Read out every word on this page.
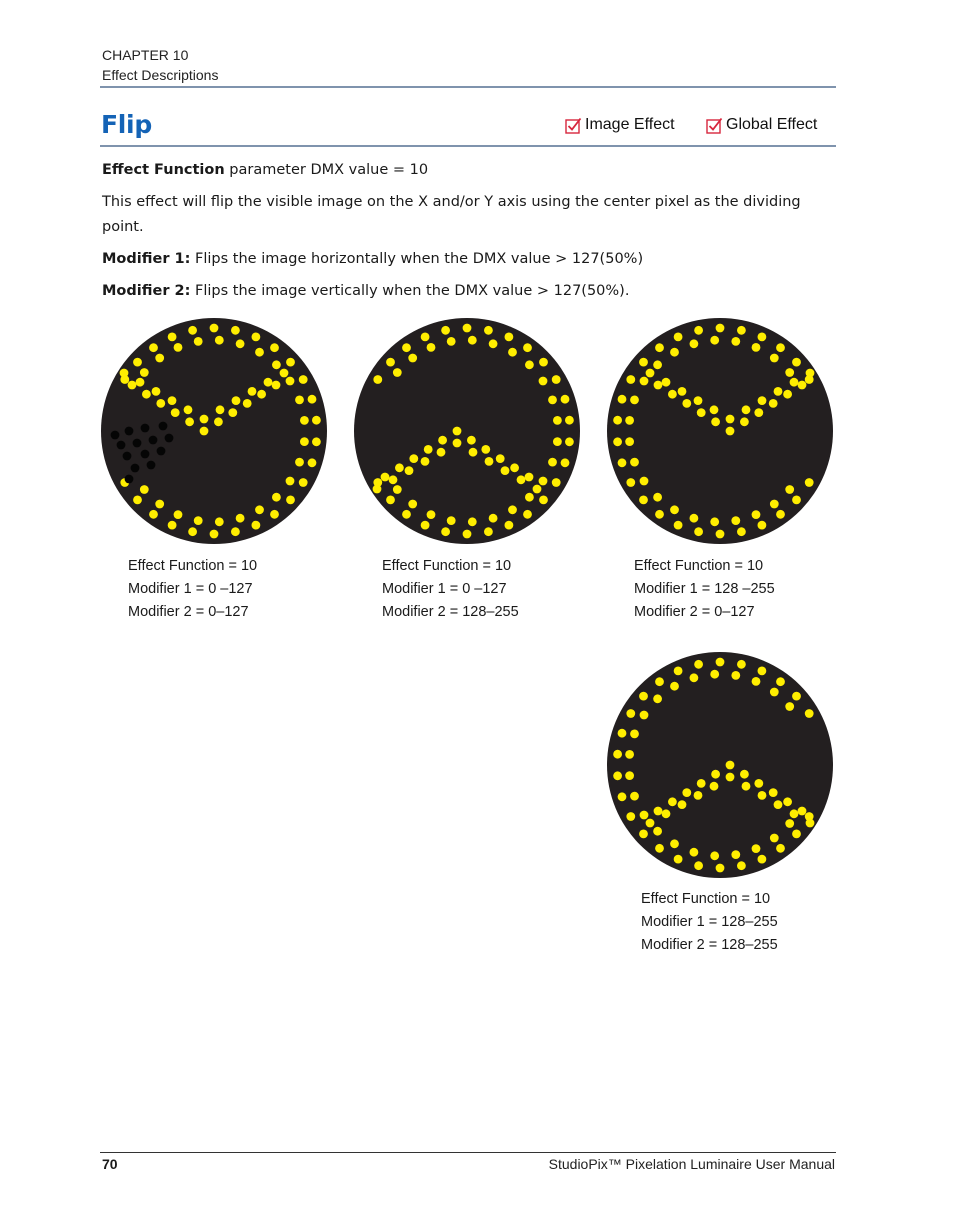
CHAPTER 10
Effect Descriptions
Flip	Image Effect	Global Effect
Effect Function parameter DMX value = 10
This effect will flip the visible image on the X and/or Y axis using the center pixel as the dividing point.
Modifier 1: Flips the image horizontally when the DMX value > 127(50%)
Modifier 2: Flips the image vertically when the DMX value > 127(50%).
Effect Function = 10
Modifier 1 = 0 –127
Modifier 2 = 0–127
Effect Function = 10
Modifier 1 = 0 –127
Modifier 2 = 128–255
Effect Function = 10
Modifier 1 = 128 –255
Modifier 2 = 0–127
Effect Function = 10
Modifier 1 = 128–255
Modifier 2 = 128–255
70	StudioPix™ Pixelation Luminaire User Manual
